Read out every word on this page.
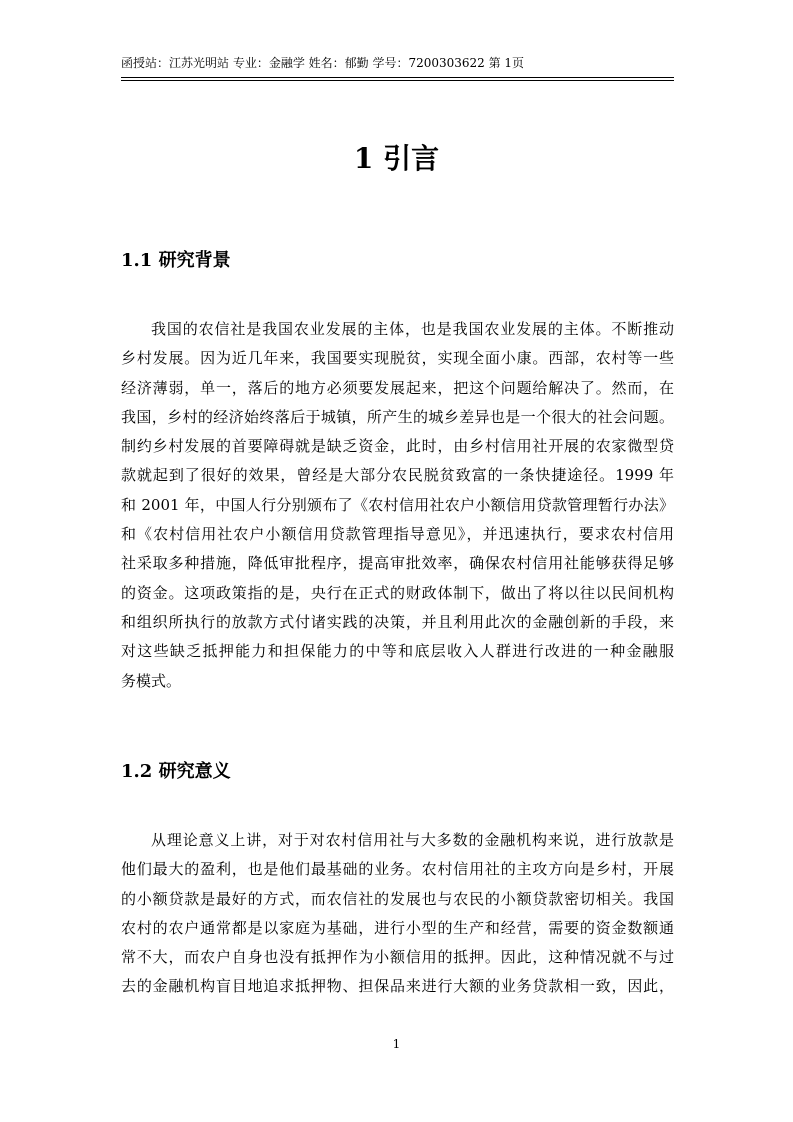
函授站：江苏光明站 专业：金融学 姓名：郁勤 学号：7200303622 第 1页
1 引言
1.1 研究背景
我国的农信社是我国农业发展的主体，也是我国农业发展的主体。不断推动
乡村发展。因为近几年来，我国要实现脱贫，实现全面小康。西部，农村等一些
经济薄弱，单一，落后的地方必须要发展起来，把这个问题给解决了。然而，在
我国，乡村的经济始终落后于城镇，所产生的城乡差异也是一个很大的社会问题。
制约乡村发展的首要障碍就是缺乏资金，此时，由乡村信用社开展的农家微型贷
款就起到了很好的效果，曾经是大部分农民脱贫致富的一条快捷途径。1999 年
和 2001 年，中国人行分别颁布了《农村信用社农户小额信用贷款管理暂行办法》
和《农村信用社农户小额信用贷款管理指导意见》，并迅速执行，要求农村信用
社采取多种措施，降低审批程序，提高审批效率，确保农村信用社能够获得足够
的资金。这项政策指的是，央行在正式的财政体制下，做出了将以往以民间机构
和组织所执行的放款方式付诸实践的决策，并且利用此次的金融创新的手段，来
对这些缺乏抵押能力和担保能力的中等和底层收入人群进行改进的一种金融服
务模式。
1.2 研究意义
从理论意义上讲，对于对农村信用社与大多数的金融机构来说，进行放款是
他们最大的盈利，也是他们最基础的业务。农村信用社的主攻方向是乡村，开展
的小额贷款是最好的方式，而农信社的发展也与农民的小额贷款密切相关。我国
农村的农户通常都是以家庭为基础，进行小型的生产和经营，需要的资金数额通
常不大，而农户自身也没有抵押作为小额信用的抵押。因此，这种情况就不与过
去的金融机构盲目地追求抵押物、担保品来进行大额的业务贷款相一致，因此，
1
